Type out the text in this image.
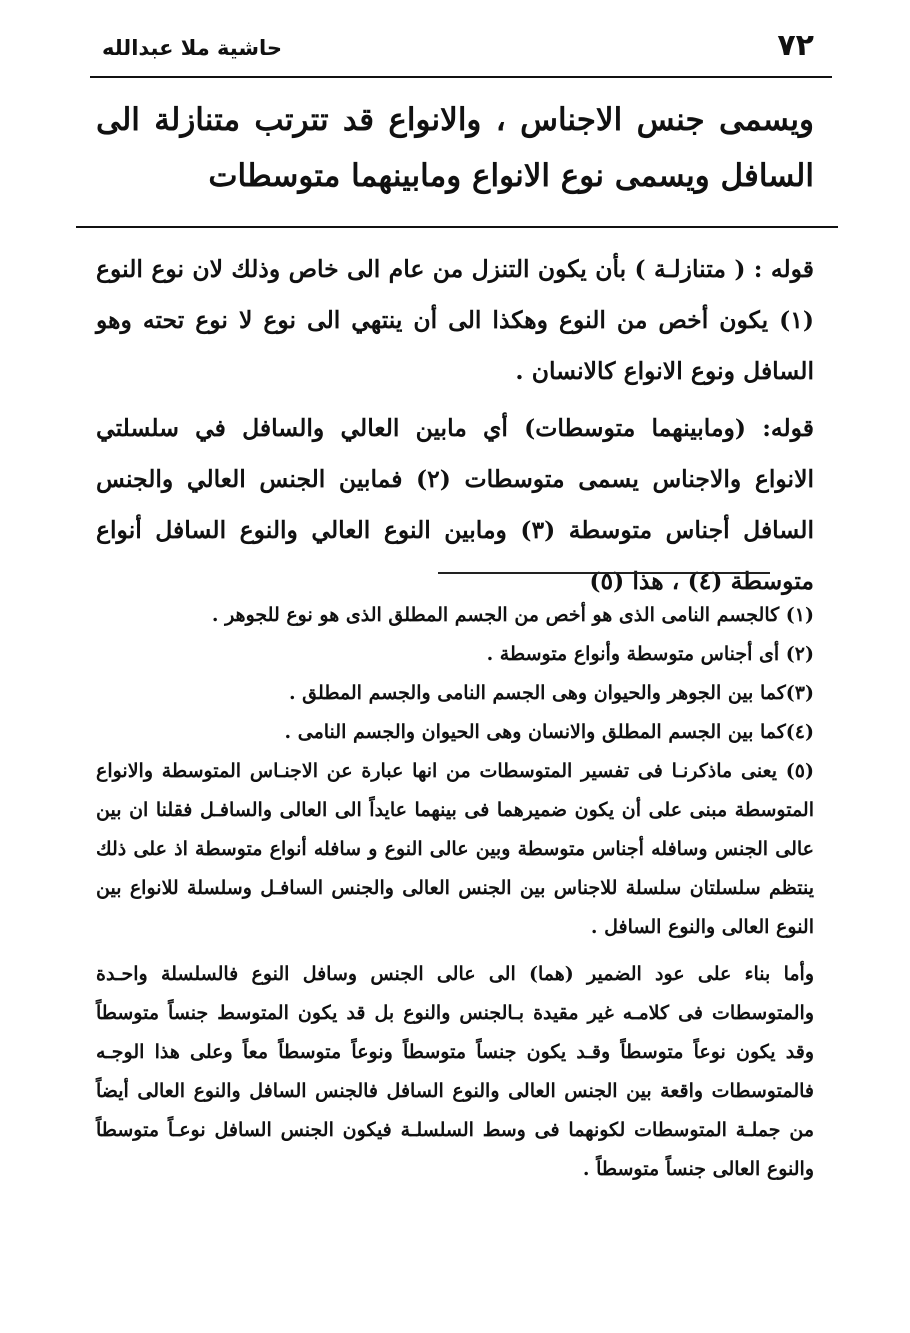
٧٢
حاشية ملا عبدالله

ويسمى جنس الاجناس ، والانواع قد تترتب متنازلة الى السافل ويسمى نوع الانواع ومابينهما متوسطات

قوله : ( متنازلـة ) بأن يكون التنزل من عام الى خاص وذلك لان نوع النوع (١) يكون أخص من النوع وهكذا الى أن ينتهي الى نوع لا نوع تحته وهو السافل ونوع الانواع كالانسان .

قوله: (ومابينهما متوسطات) أي مابين العالي والسافل في سلسلتي الانواع والاجناس يسمى متوسطات (٢) فمابين الجنس العالي والجنس السافل أجناس متوسطة (٣) ومابين النوع العالي والنوع السافل أنواع متوسطة (٤) ، هذا (٥)

(١) كالجسم النامى الذى هو أخص من الجسم المطلق الذى هو نوع للجوهر .

(٢) أى أجناس متوسطة وأنواع متوسطة .

(٣)كما بين الجوهر والحيوان وهى الجسم النامى والجسم المطلق .

(٤)كما بين الجسم المطلق والانسان وهى الحيوان والجسم النامى .

(٥) يعنى ماذكرنـا فى تفسير المتوسطات من انها عبارة عن الاجنـاس المتوسطة والانواع المتوسطة مبنى على أن يكون ضميرهما فى بينهما عايداً الى العالى والسافـل فقلنا ان بين عالى الجنس وسافله أجناس متوسطة وبين عالى النوع و سافله أنواع متوسطة اذ على ذلك ينتظم سلسلتان سلسلة للاجناس بين الجنس العالى والجنس السافـل وسلسلة للانواع بين النوع العالى والنوع السافل .

وأما بناء على عود الضمير (هما) الى عالى الجنس وسافل النوع فالسلسلة واحـدة والمتوسطات فى كلامـه غير مقيدة بـالجنس والنوع بل قد يكون المتوسط جنساً متوسطاً وقد يكون نوعاً متوسطاً وقـد يكون جنساً متوسطاً ونوعاً متوسطاً معاً وعلى هذا الوجـه فالمتوسطات واقعة بين الجنس العالى والنوع السافل فالجنس السافل والنوع العالى أيضاً من جملـة المتوسطات لكونهما فى وسط السلسلـة فيكون الجنس السافل نوعـاً متوسطاً والنوع العالى جنساً متوسطاً .
